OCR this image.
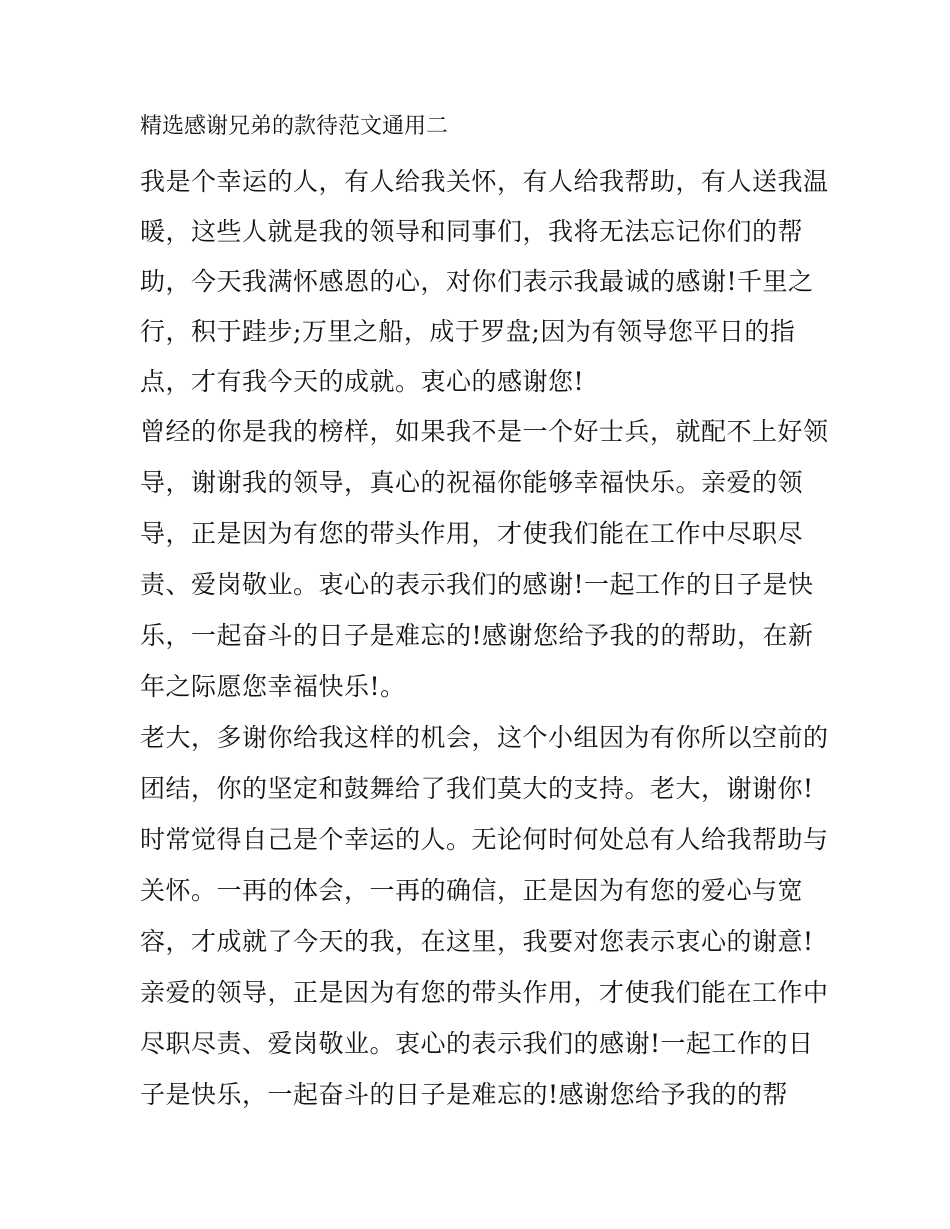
精选感谢兄弟的款待范文通用二
我是个幸运的人，有人给我关怀，有人给我帮助，有人送我温
暖，这些人就是我的领导和同事们，我将无法忘记你们的帮
助，今天我满怀感恩的心，对你们表示我最诚的感谢!千里之
行，积于跬步;万里之船，成于罗盘;因为有领导您平日的指
点，才有我今天的成就。衷心的感谢您!
曾经的你是我的榜样，如果我不是一个好士兵，就配不上好领
导，谢谢我的领导，真心的祝福你能够幸福快乐。亲爱的领
导，正是因为有您的带头作用，才使我们能在工作中尽职尽
责、爱岗敬业。衷心的表示我们的感谢!一起工作的日子是快
乐，一起奋斗的日子是难忘的!感谢您给予我的的帮助，在新
年之际愿您幸福快乐!。
老大，多谢你给我这样的机会，这个小组因为有你所以空前的
团结，你的坚定和鼓舞给了我们莫大的支持。老大，谢谢你!
时常觉得自己是个幸运的人。无论何时何处总有人给我帮助与
关怀。一再的体会，一再的确信，正是因为有您的爱心与宽
容，才成就了今天的我，在这里，我要对您表示衷心的谢意!
亲爱的领导，正是因为有您的带头作用，才使我们能在工作中
尽职尽责、爱岗敬业。衷心的表示我们的感谢!一起工作的日
子是快乐，一起奋斗的日子是难忘的!感谢您给予我的的帮
